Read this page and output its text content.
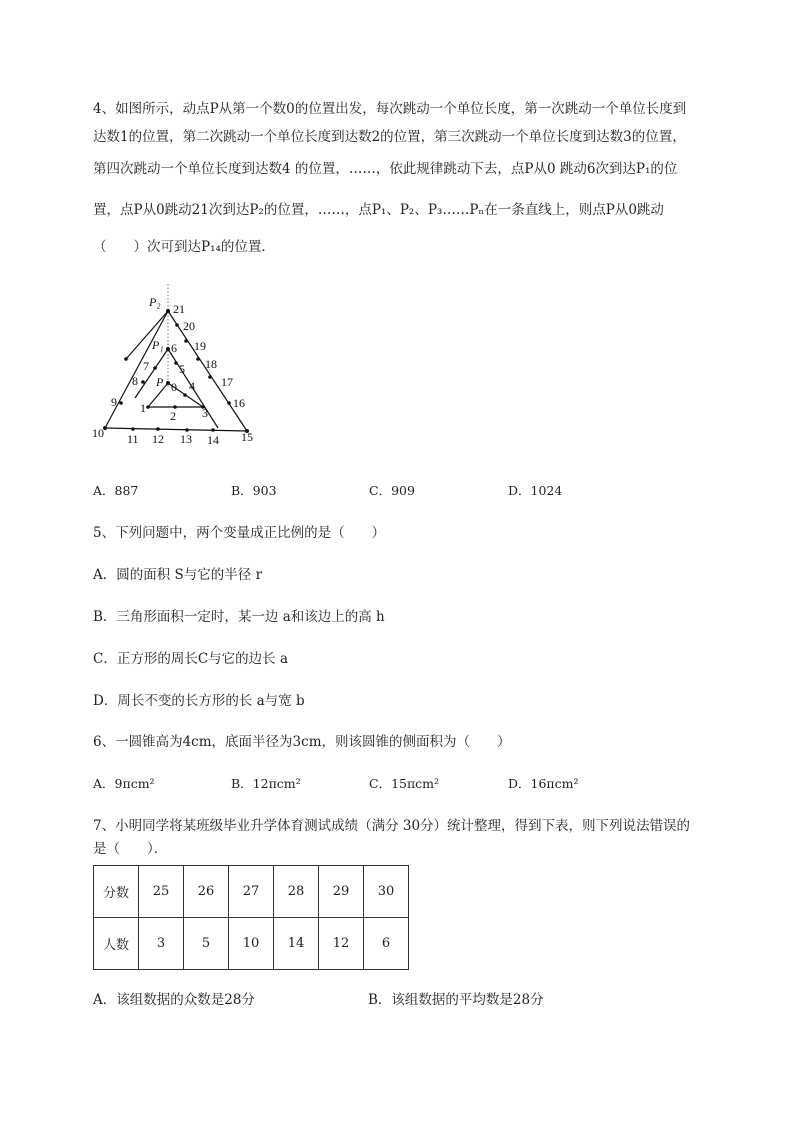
4、如图所示，动点P从第一个数0的位置出发，每次跳动一个单位长度，第一次跳动一个单位长度到
达数1的位置，第二次跳动一个单位长度到达数2的位置，第三次跳动一个单位长度到达数3的位置，
第四次跳动一个单位长度到达数4 的位置，……，依此规律跳动下去，点P从0 跳动6次到达P₁的位
置，点P从0跳动21次到达P₂的位置，……，点P₁、P₂、P₃……Pₙ在一条直线上，则点P从0跳动
（　　）次可到达P₁₄的位置．
P₂
P₁
P 0
1
2 3
4
5
6
7
8
9
10 11 12 13 14 15
16
17
18
19
20
21
A．887	B．903	C．909	D．1024
5、下列问题中，两个变量成正比例的是（　　）
A．圆的面积 S与它的半径 r
B．三角形面积一定时，某一边 a和该边上的高 h
C．正方形的周长C与它的边长 a
D．周长不变的长方形的长 a与宽 b
6、一圆锥高为4cm，底面半径为3cm，则该圆锥的侧面积为（　　）
A．9πcm²	B．12πcm²	C．15πcm²	D．16πcm²
7、小明同学将某班级毕业升学体育测试成绩（满分 30分）统计整理，得到下表，则下列说法错误的
是（　　）．
分数	25	26	27	28	29	30
人数	3	5	10	14	12	6
A．该组数据的众数是28分	B．该组数据的平均数是28分
